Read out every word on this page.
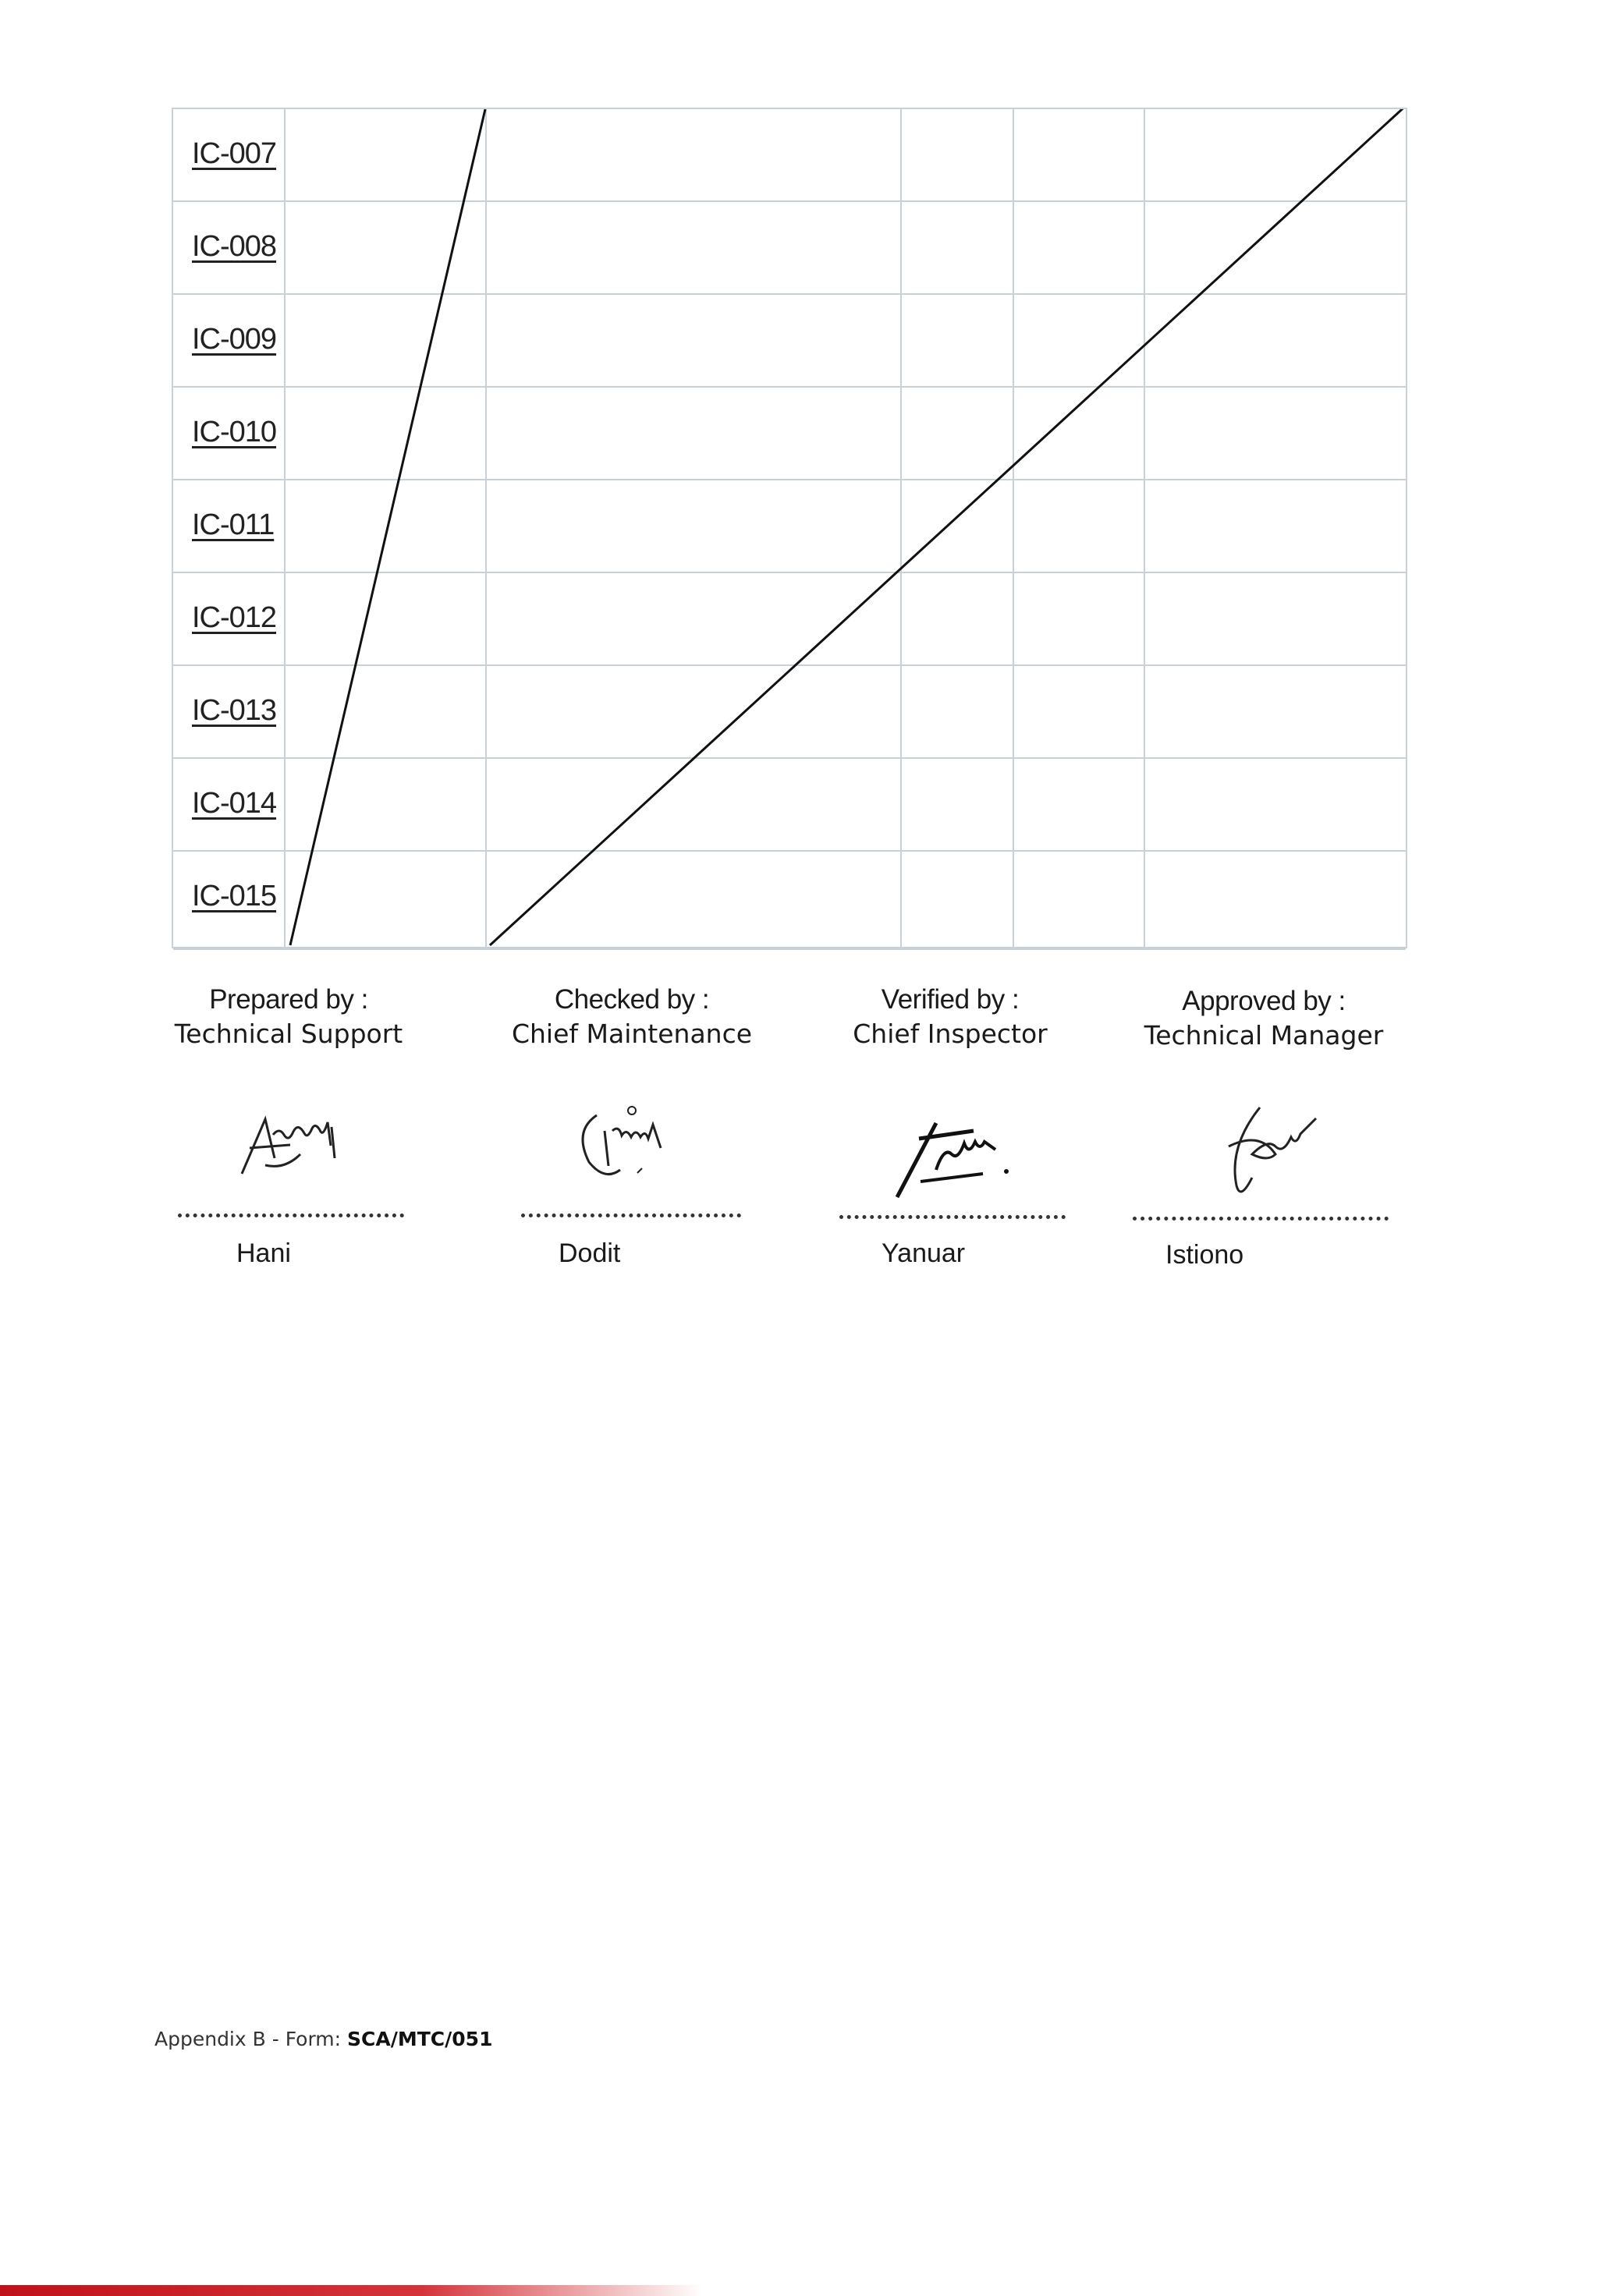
IC-007
IC-008
IC-009
IC-010
IC-011
IC-012
IC-013
IC-014
IC-015
Prepared by :
Technical Support
Hani
Checked by :
Chief Maintenance
Dodit
Verified by :
Chief Inspector
Yanuar
Approved by :
Technical Manager
Istiono
Appendix B - Form: SCA/MTC/051
